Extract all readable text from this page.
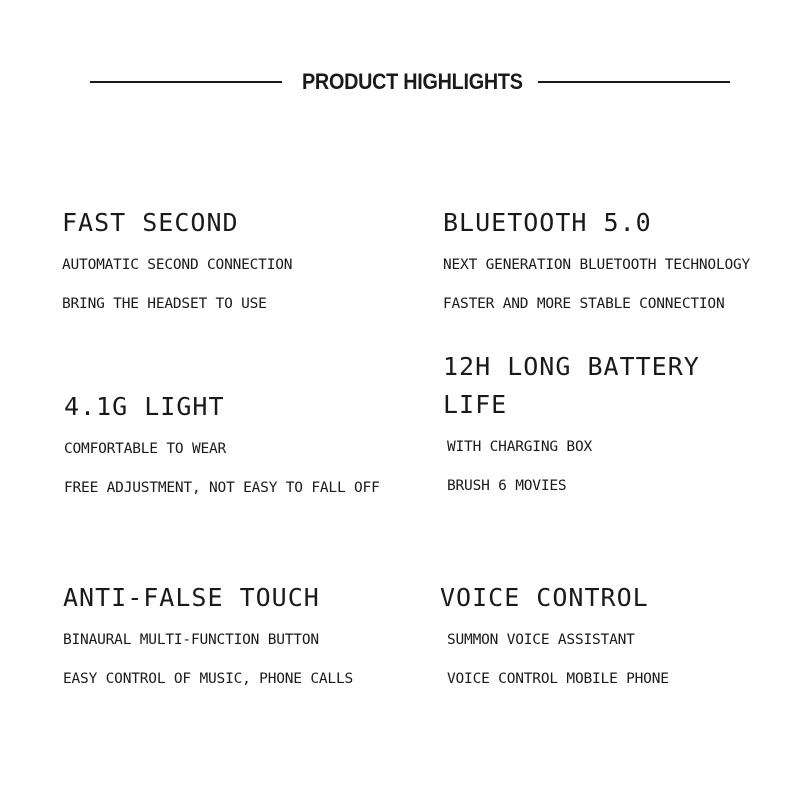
PRODUCT HIGHLIGHTS
FAST SECOND

AUTOMATIC SECOND CONNECTION

BRING THE HEADSET TO USE

BLUETOOTH 5.0

NEXT GENERATION BLUETOOTH TECHNOLOGY

FASTER AND MORE STABLE CONNECTION

4.1G LIGHT

COMFORTABLE TO WEAR

FREE ADJUSTMENT, NOT EASY TO FALL OFF

12H LONG BATTERY LIFE

WITH CHARGING BOX

BRUSH 6 MOVIES

ANTI-FALSE TOUCH

BINAURAL MULTI-FUNCTION BUTTON

EASY CONTROL OF MUSIC, PHONE CALLS

VOICE CONTROL

SUMMON VOICE ASSISTANT

VOICE CONTROL MOBILE PHONE
